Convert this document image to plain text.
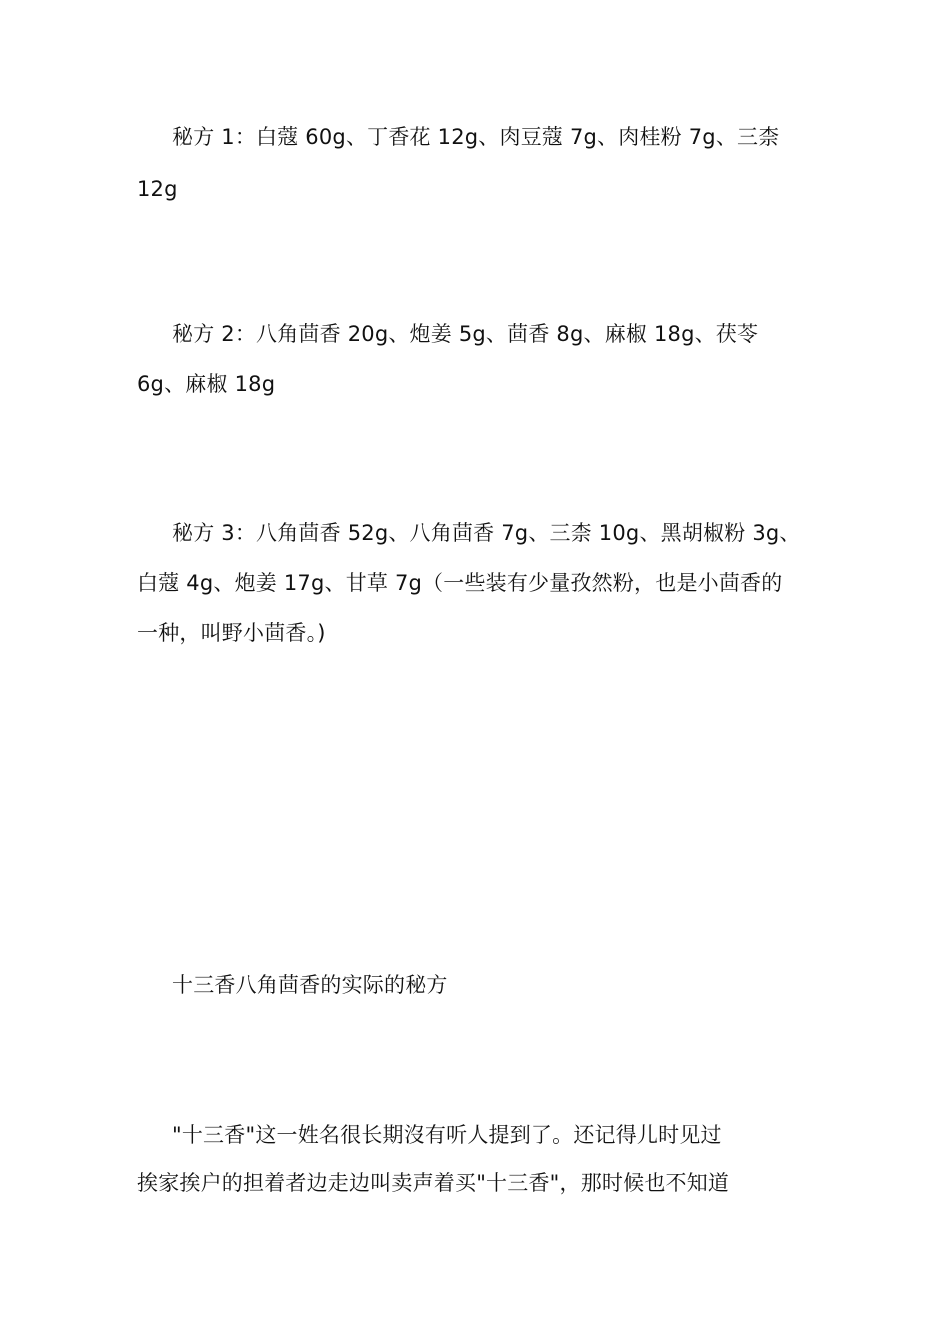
秘方 1：白蔻 60g、丁香花 12g、肉豆蔻 7g、肉桂粉 7g、三柰
12g
秘方 2：八角茴香 20g、炮姜 5g、茴香 8g、麻椒 18g、茯苓
6g、麻椒 18g
秘方 3：八角茴香 52g、八角茴香 7g、三柰 10g、黑胡椒粉 3g、
白蔻 4g、炮姜 17g、甘草 7g（一些装有少量孜然粉，也是小茴香的
一种，叫野小茴香。)
十三香八角茴香的实际的秘方
"十三香"这一姓名很长期沒有听人提到了。还记得儿时见过
挨家挨户的担着者边走边叫卖声着买"十三香"，那时候也不知道
